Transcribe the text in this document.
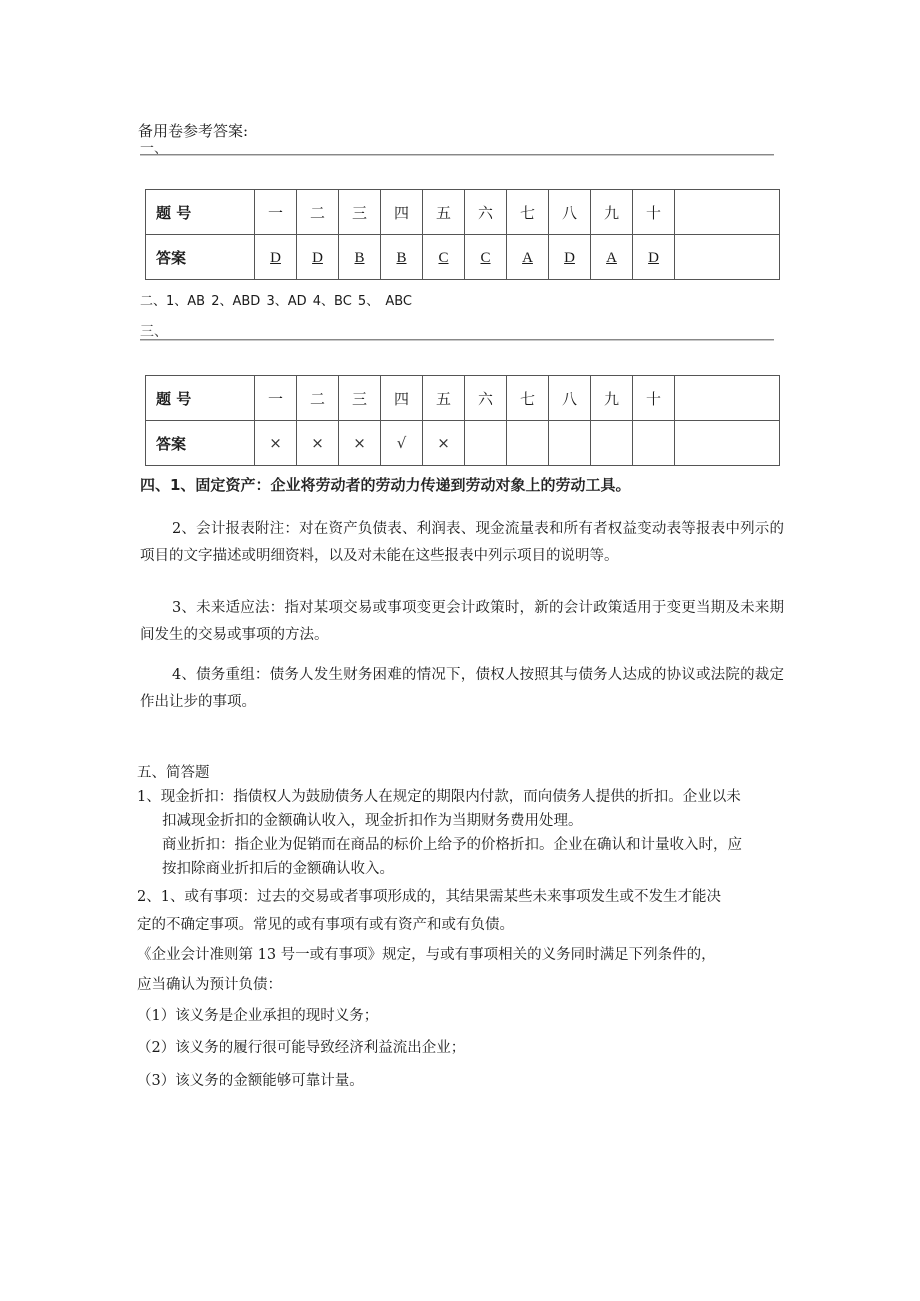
备用卷参考答案:
一、
题 号	一	二	三	四	五	六	七	八	九	十	
答案	D	D	B	B	C	C	A	D	A	D	
二、1、AB 2、ABD 3、AD 4、BC 5、 ABC
三、
题 号	一	二	三	四	五	六	七	八	九	十	
答案	×	×	×	√	×						
四、1、固定资产：企业将劳动者的劳动力传递到劳动对象上的劳动工具。
2、会计报表附注：对在资产负债表、利润表、现金流量表和所有者权益变动表等报表中列示的项目的文字描述或明细资料，以及对未能在这些报表中列示项目的说明等。
3、未来适应法：指对某项交易或事项变更会计政策时，新的会计政策适用于变更当期及未来期间发生的交易或事项的方法。
4、债务重组：债务人发生财务困难的情况下，债权人按照其与债务人达成的协议或法院的裁定作出让步的事项。
五、简答题
1、现金折扣：指债权人为鼓励债务人在规定的期限内付款，而向债务人提供的折扣。企业以未
扣减现金折扣的金额确认收入，现金折扣作为当期财务费用处理。
商业折扣：指企业为促销而在商品的标价上给予的价格折扣。企业在确认和计量收入时，应
按扣除商业折扣后的金额确认收入。
2、1、或有事项：过去的交易或者事项形成的，其结果需某些未来事项发生或不发生才能决
定的不确定事项。常见的或有事项有或有资产和或有负债。
《企业会计准则第 13 号一或有事项》规定，与或有事项相关的义务同时满足下列条件的，
应当确认为预计负债：
（1）该义务是企业承担的现时义务；
（2）该义务的履行很可能导致经济利益流出企业；
（3）该义务的金额能够可靠计量。
